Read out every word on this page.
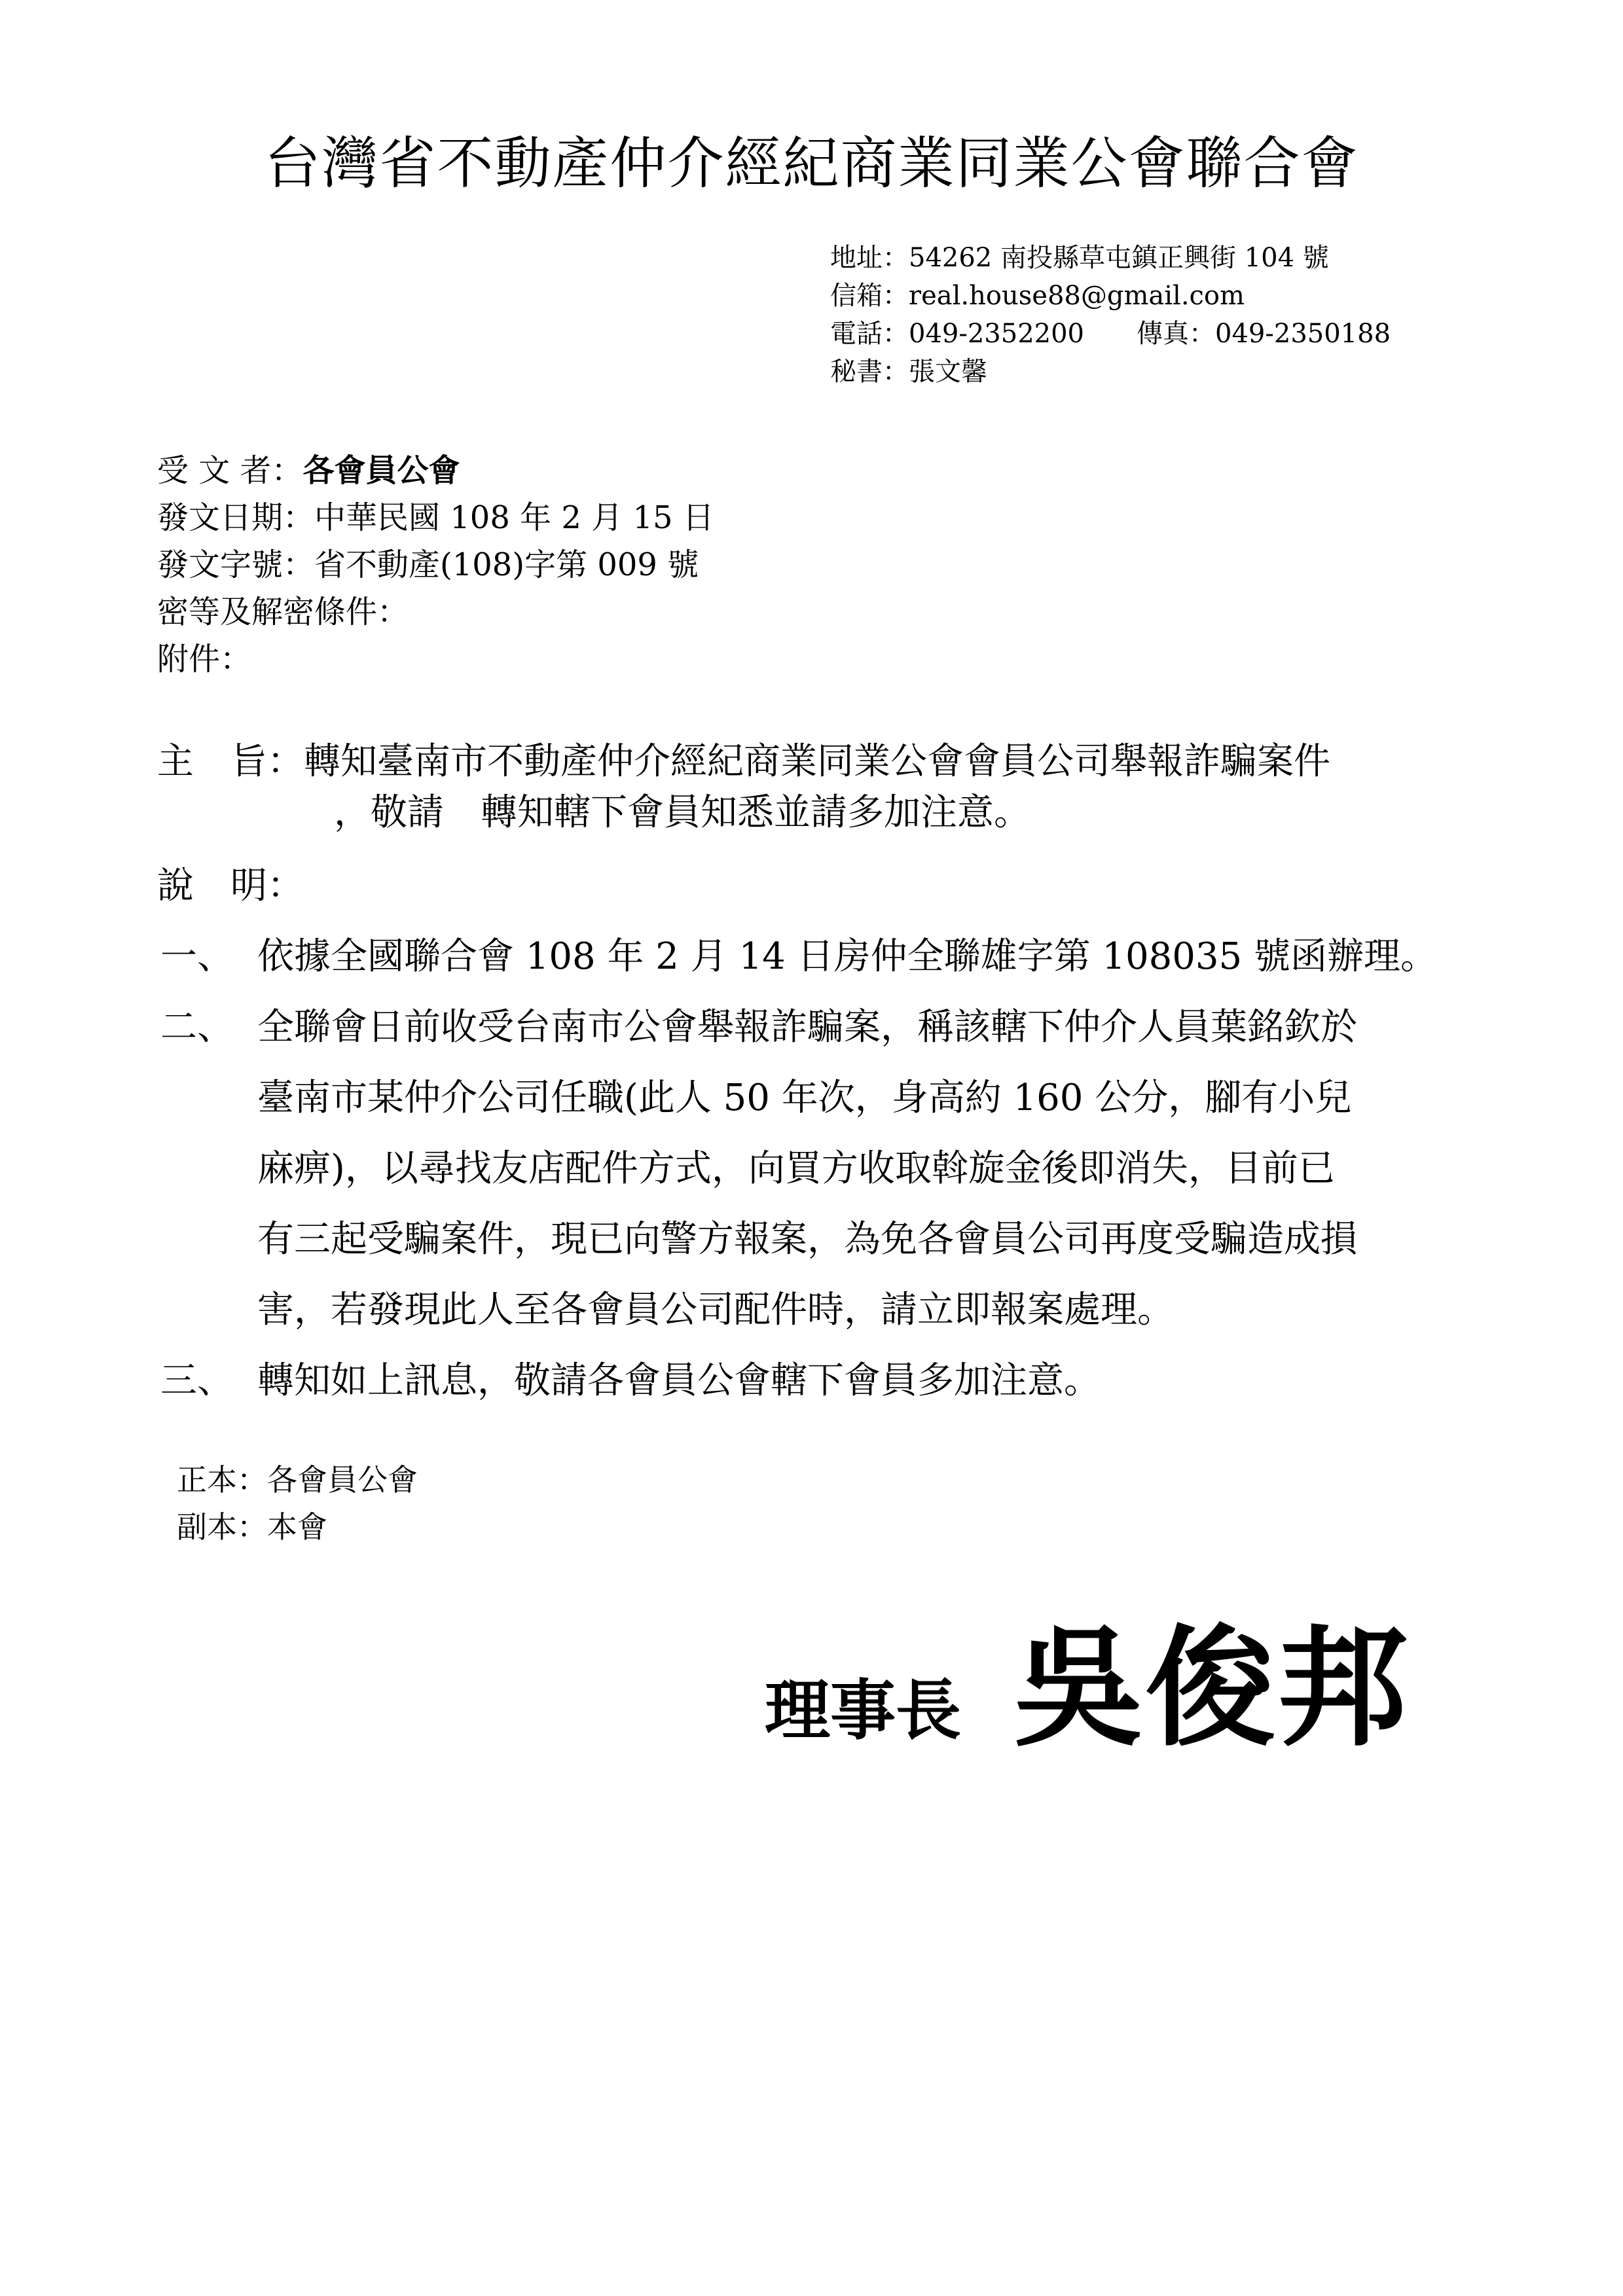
台灣省不動產仲介經紀商業同業公會聯合會
地址：54262 南投縣草屯鎮正興街 104 號
信箱：real.house88@gmail.com
電話：049-2352200 傳真：049-2350188
秘書：張文馨
受 文 者：各會員公會
發文日期：中華民國 108 年 2 月 15 日
發文字號：省不動產(108)字第 009 號
密等及解密條件：
附件：
主　旨：轉知臺南市不動產仲介經紀商業同業公會會員公司舉報詐騙案件
，敬請　轉知轄下會員知悉並請多加注意。
說　明：
一、 依據全國聯合會 108 年 2 月 14 日房仲全聯雄字第 108035 號函辦理。
二、 全聯會日前收受台南市公會舉報詐騙案，稱該轄下仲介人員葉銘欽於
臺南市某仲介公司任職(此人 50 年次，身高約 160 公分，腳有小兒
麻痹)，以尋找友店配件方式，向買方收取斡旋金後即消失，目前已
有三起受騙案件，現已向警方報案，為免各會員公司再度受騙造成損
害，若發現此人至各會員公司配件時，請立即報案處理。
三、 轉知如上訊息，敬請各會員公會轄下會員多加注意。
正本：各會員公會
副本：本會
理事長 吳俊邦
